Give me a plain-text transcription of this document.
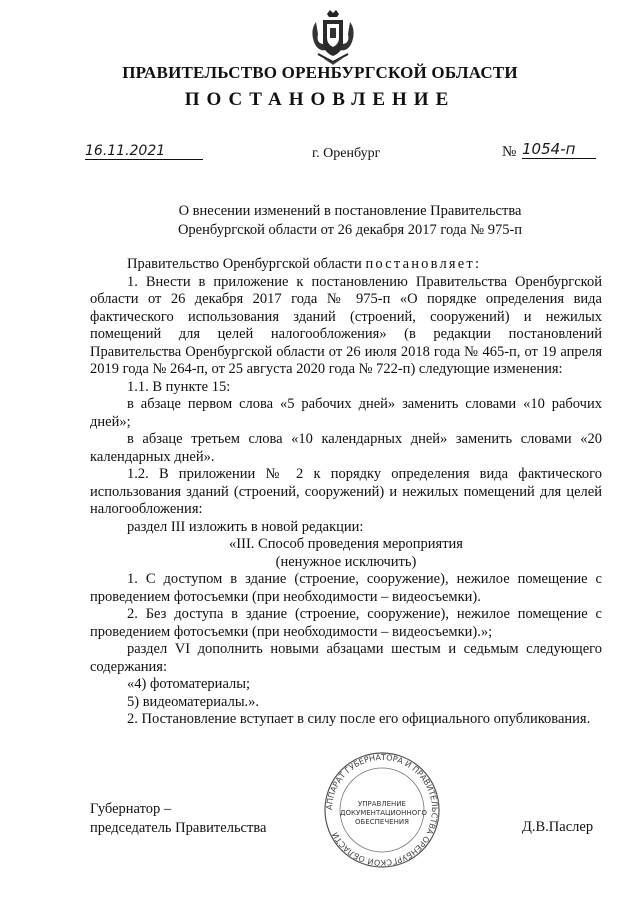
ПРАВИТЕЛЬСТВО ОРЕНБУРГСКОЙ ОБЛАСТИ
ПОСТАНОВЛЕНИЕ
16.11.2021	г. Оренбург	№ 1054-п
О внесении изменений в постановление Правительства
Оренбургской области от 26 декабря 2017 года № 975-п

Правительство Оренбургской области постановляет:

1. Внести в приложение к постановлению Правительства Оренбургской области от 26 декабря 2017 года № 975-п «О порядке определения вида фактического использования зданий (строений, сооружений) и нежилых помещений для целей налогообложения» (в редакции постановлений Правительства Оренбургской области от 26 июля 2018 года № 465-п, от 19 апреля 2019 года № 264-п, от 25 августа 2020 года № 722-п) следующие изменения:

1.1. В пункте 15:

в абзаце первом слова «5 рабочих дней» заменить словами «10 рабочих дней»;

в абзаце третьем слова «10 календарных дней» заменить словами «20 календарных дней».

1.2. В приложении № 2 к порядку определения вида фактического использования зданий (строений, сооружений) и нежилых помещений для целей налогообложения:

раздел III изложить в новой редакции:

«III. Способ проведения мероприятия

(ненужное исключить)

1. С доступом в здание (строение, сооружение), нежилое помещение с проведением фотосъемки (при необходимости – видеосъемки).

2. Без доступа в здание (строение, сооружение), нежилое помещение с проведением фотосъемки (при необходимости – видеосъемки).»;

раздел VI дополнить новыми абзацами шестым и седьмым следующего содержания:

«4) фотоматериалы;

5) видеоматериалы.».

2. Постановление вступает в силу после его официального опубликования.

АППАРАТ ГУБЕРНАТОРА И ПРАВИТЕЛЬСТВА ОРЕНБУРГСКОЙ ОБЛАСТИ
УПРАВЛЕНИЕ
ДОКУМЕНТАЦИОННОГО
ОБЕСПЕЧЕНИЯ
Губернатор –
председатель Правительства	Д.В.Паслер
